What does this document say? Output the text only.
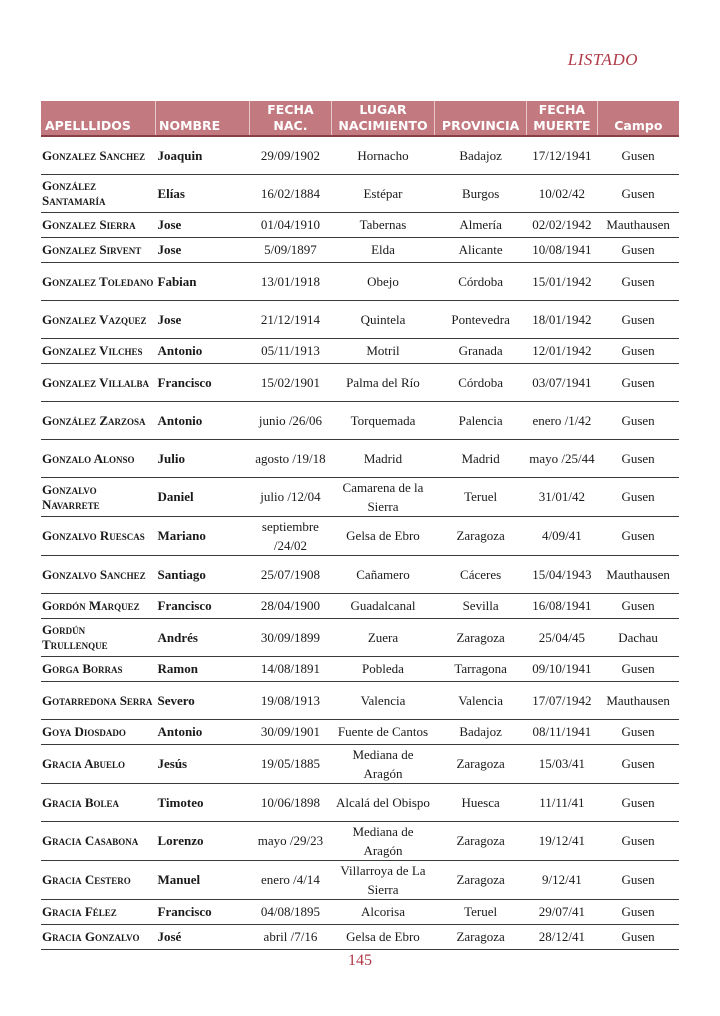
LISTADO
APELLLIDOS	NOMBRE	FECHA NAC.	LUGAR NACIMIENTO	PROVINCIA	FECHA MUERTE	Campo
Gonzalez Sanchez	Joaquin	29/09/1902	Hornacho	Badajoz	17/12/1941	Gusen
González Santamaría	Elías	16/02/1884	Estépar	Burgos	10/02/42	Gusen
Gonzalez Sierra	Jose	01/04/1910	Tabernas	Almería	02/02/1942	Mauthausen
Gonzalez Sirvent	Jose	5/09/1897	Elda	Alicante	10/08/1941	Gusen
Gonzalez Toledano	Fabian	13/01/1918	Obejo	Córdoba	15/01/1942	Gusen
Gonzalez Vazquez	Jose	21/12/1914	Quintela	Pontevedra	18/01/1942	Gusen
Gonzalez Vilches	Antonio	05/11/1913	Motril	Granada	12/01/1942	Gusen
Gonzalez Villalba	Francisco	15/02/1901	Palma del Río	Córdoba	03/07/1941	Gusen
González Zarzosa	Antonio	junio /26/06	Torquemada	Palencia	enero /1/42	Gusen
Gonzalo Alonso	Julio	agosto /19/18	Madrid	Madrid	mayo /25/44	Gusen
Gonzalvo Navarrete	Daniel	julio /12/04	Camarena de la Sierra	Teruel	31/01/42	Gusen
Gonzalvo Ruescas	Mariano	septiembre /24/02	Gelsa de Ebro	Zaragoza	4/09/41	Gusen
Gonzalvo Sanchez	Santiago	25/07/1908	Cañamero	Cáceres	15/04/1943	Mauthausen
Gordón Marquez	Francisco	28/04/1900	Guadalcanal	Sevilla	16/08/1941	Gusen
Gordún Trullenque	Andrés	30/09/1899	Zuera	Zaragoza	25/04/45	Dachau
Gorga Borras	Ramon	14/08/1891	Pobleda	Tarragona	09/10/1941	Gusen
Gotarredona Serra	Severo	19/08/1913	Valencia	Valencia	17/07/1942	Mauthausen
Goya Diosdado	Antonio	30/09/1901	Fuente de Cantos	Badajoz	08/11/1941	Gusen
Gracia Abuelo	Jesús	19/05/1885	Mediana de Aragón	Zaragoza	15/03/41	Gusen
Gracia Bolea	Timoteo	10/06/1898	Alcalá del Obispo	Huesca	11/11/41	Gusen
Gracia Casabona	Lorenzo	mayo /29/23	Mediana de Aragón	Zaragoza	19/12/41	Gusen
Gracia Cestero	Manuel	enero /4/14	Villarroya de La Sierra	Zaragoza	9/12/41	Gusen
Gracia Félez	Francisco	04/08/1895	Alcorisa	Teruel	29/07/41	Gusen
Gracia Gonzalvo	José	abril /7/16	Gelsa de Ebro	Zaragoza	28/12/41	Gusen
145
